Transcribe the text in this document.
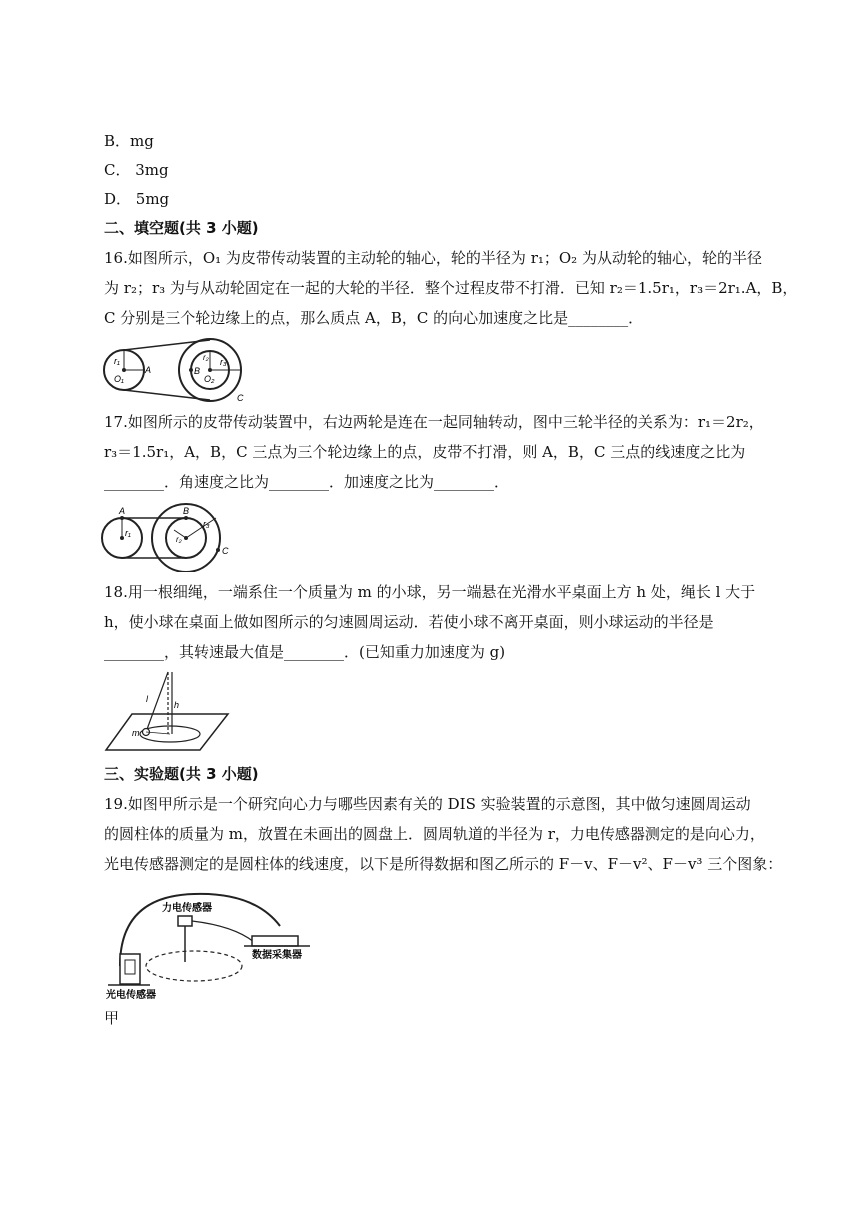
B．mg
C． 3mg
D． 5mg
二、填空题(共 3 小题)
16.如图所示，O₁ 为皮带传动装置的主动轮的轴心，轮的半径为 r₁；O₂ 为从动轮的轴心，轮的半径
为 r₂；r₃ 为与从动轮固定在一起的大轮的半径．整个过程皮带不打滑．已知 r₂＝1.5r₁，r₃＝2r₁.A，B，
C 分别是三个轮边缘上的点，那么质点 A，B，C 的向心加速度之比是________．
r₁
O₁
A
r₂ r₃
B
O₂
C
17.如图所示的皮带传动装置中，右边两轮是连在一起同轴转动，图中三轮半径的关系为：r₁＝2r₂，
r₃＝1.5r₁，A，B，C 三点为三个轮边缘上的点，皮带不打滑，则 A，B，C 三点的线速度之比为
________．角速度之比为________．加速度之比为________．
A
r₁
B
r₃
r₂
C
18.用一根细绳，一端系住一个质量为 m 的小球，另一端悬在光滑水平桌面上方 h 处，绳长 l 大于
h，使小球在桌面上做如图所示的匀速圆周运动．若使小球不离开桌面，则小球运动的半径是
________，其转速最大值是________．(已知重力加速度为 g)
l
h
m
三、实验题(共 3 小题)
19.如图甲所示是一个研究向心力与哪些因素有关的 DIS 实验装置的示意图，其中做匀速圆周运动
的圆柱体的质量为 m，放置在未画出的圆盘上．圆周轨道的半径为 r，力电传感器测定的是向心力，
光电传感器测定的是圆柱体的线速度，以下是所得数据和图乙所示的 F－v、F－v²、F－v³ 三个图象：
力电传感器
数据采集器
光电传感器
甲
